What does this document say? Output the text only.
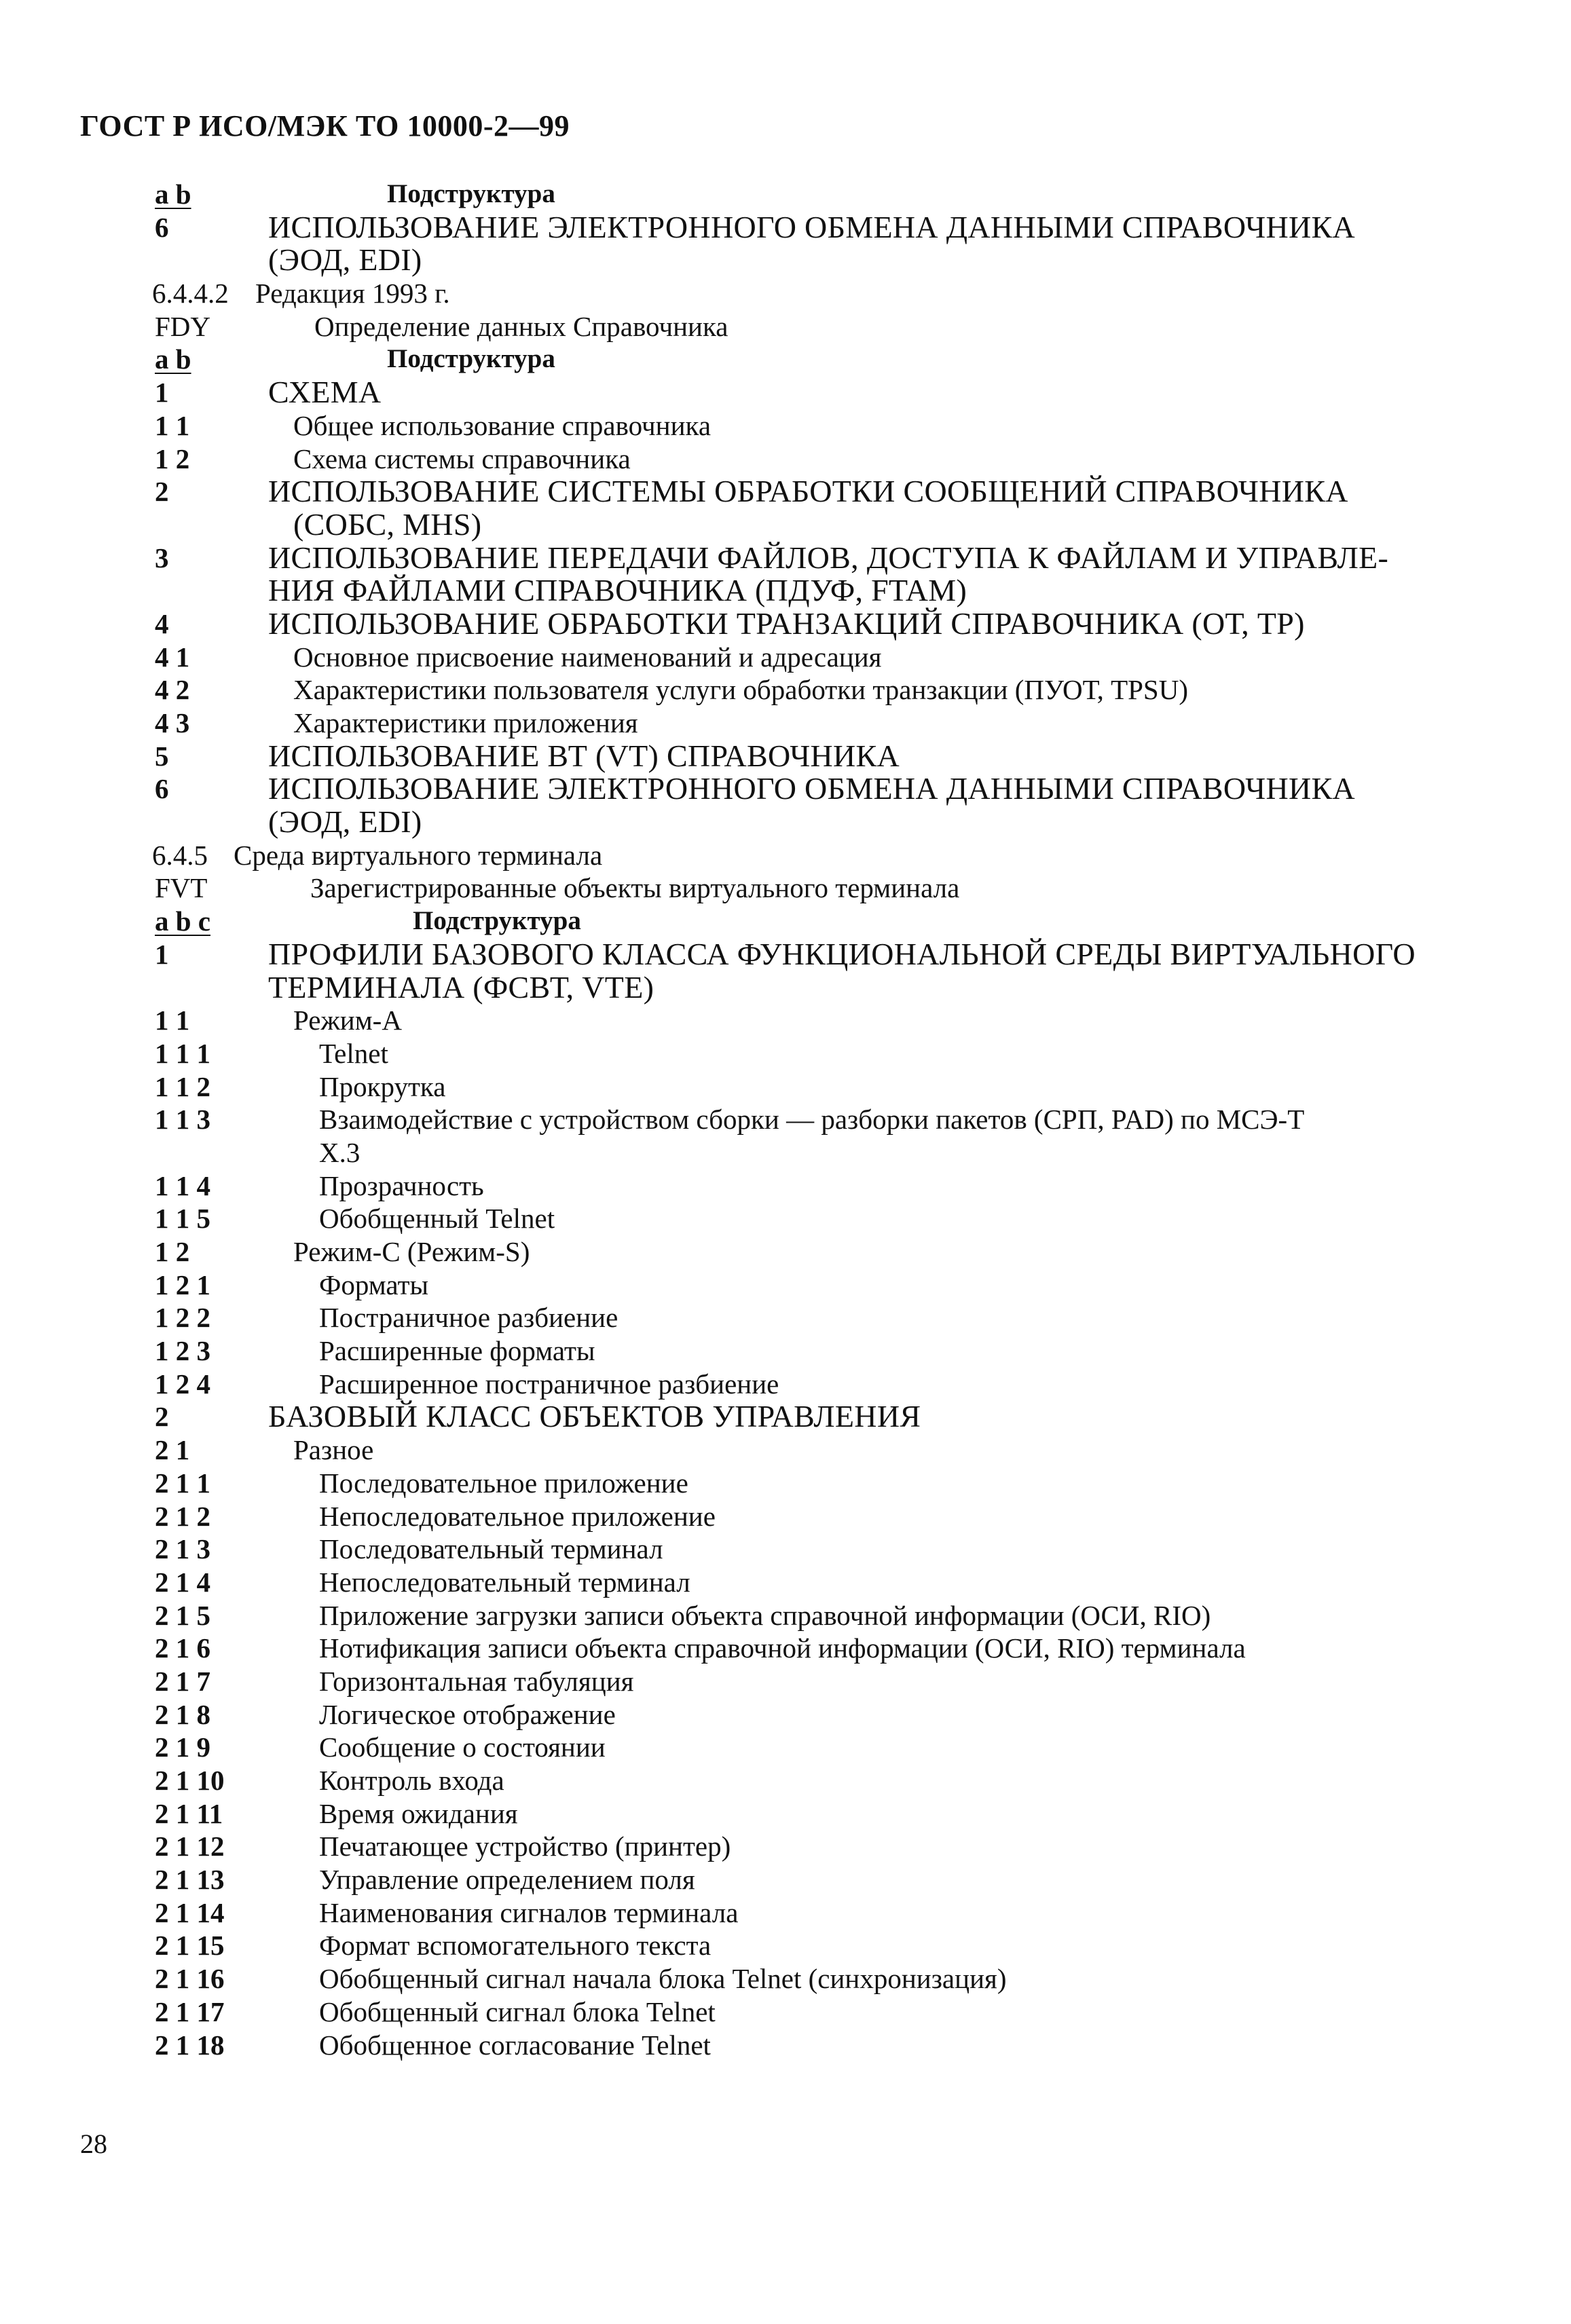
ГОСТ Р ИСО/МЭК ТО 10000-2—99
a b	Подструктура
6	ИСПОЛЬЗОВАНИЕ ЭЛЕКТРОННОГО ОБМЕНА ДАННЫМИ СПРАВОЧНИКА
(ЭОД, EDI)
6.4.4.2 Редакция 1993 г.
FDY	Определение данных Справочника
a b	Подструктура
1	СХЕМА
1 1	Общее использование справочника
1 2	Схема системы справочника
2	ИСПОЛЬЗОВАНИЕ СИСТЕМЫ ОБРАБОТКИ СООБЩЕНИЙ СПРАВОЧНИКА
(СОБС, MHS)
3	ИСПОЛЬЗОВАНИЕ ПЕРЕДАЧИ ФАЙЛОВ, ДОСТУПА К ФАЙЛАМ И УПРАВЛЕ-
НИЯ ФАЙЛАМИ СПРАВОЧНИКА (ПДУФ, FTAM)
4	ИСПОЛЬЗОВАНИЕ ОБРАБОТКИ ТРАНЗАКЦИЙ СПРАВОЧНИКА (ОТ, ТР)
4 1	Основное присвоение наименований и адресация
4 2	Характеристики пользователя услуги обработки транзакции (ПУОТ, TPSU)
4 3	Характеристики приложения
5	ИСПОЛЬЗОВАНИЕ ВТ (VT) СПРАВОЧНИКА
6	ИСПОЛЬЗОВАНИЕ ЭЛЕКТРОННОГО ОБМЕНА ДАННЫМИ СПРАВОЧНИКА
(ЭОД, EDI)
6.4.5 Среда виртуального терминала
FVT	Зарегистрированные объекты виртуального терминала
a b c	Подструктура
1	ПРОФИЛИ БАЗОВОГО КЛАССА ФУНКЦИОНАЛЬНОЙ СРЕДЫ ВИРТУАЛЬНОГО
ТЕРМИНАЛА (ФСВТ, VTE)
1 1	Режим-А
1 1 1	Telnet
1 1 2	Прокрутка
1 1 3	Взаимодействие с устройством сборки — разборки пакетов (СРП, PAD) по МСЭ-Т
X.3
1 1 4	Прозрачность
1 1 5	Обобщенный Telnet
1 2	Режим-С (Режим-S)
1 2 1	Форматы
1 2 2	Постраничное разбиение
1 2 3	Расширенные форматы
1 2 4	Расширенное постраничное разбиение
2	БАЗОВЫЙ КЛАСС ОБЪЕКТОВ УПРАВЛЕНИЯ
2 1	Разное
2 1 1	Последовательное приложение
2 1 2	Непоследовательное приложение
2 1 3	Последовательный терминал
2 1 4	Непоследовательный терминал
2 1 5	Приложение загрузки записи объекта справочной информации (ОСИ, RIO)
2 1 6	Нотификация записи объекта справочной информации (ОСИ, RIO) терминала
2 1 7	Горизонтальная табуляция
2 1 8	Логическое отображение
2 1 9	Сообщение о состоянии
2 1 10	Контроль входа
2 1 11	Время ожидания
2 1 12	Печатающее устройство (принтер)
2 1 13	Управление определением поля
2 1 14	Наименования сигналов терминала
2 1 15	Формат вспомогательного текста
2 1 16	Обобщенный сигнал начала блока Telnet (синхронизация)
2 1 17	Обобщенный сигнал блока Telnet
2 1 18	Обобщенное согласование Telnet
28
